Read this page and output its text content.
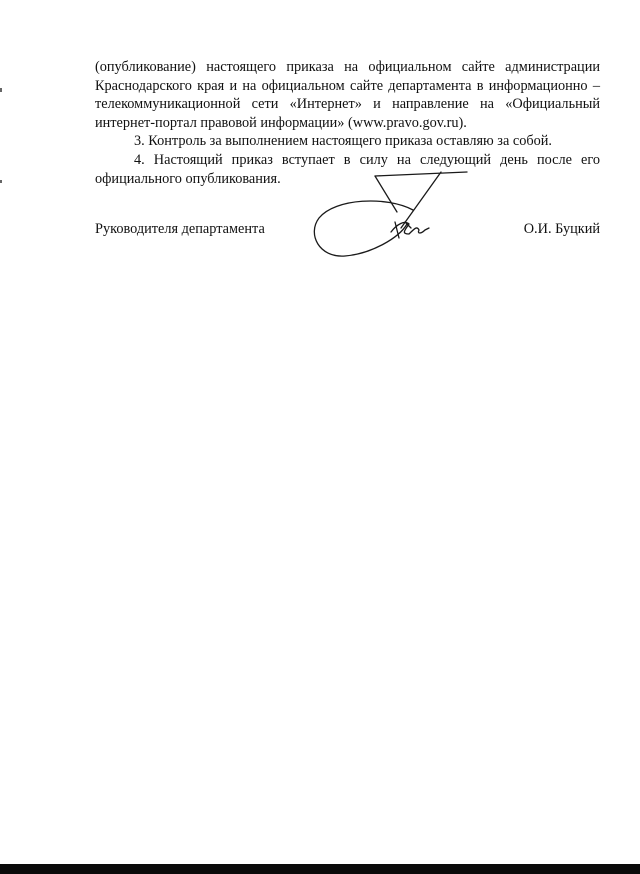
(опубликование) настоящего приказа на официальном сайте администрации Краснодарского края и на официальном сайте департамента в информационно – телекоммуникационной сети «Интернет» и направление на «Официальный интернет-портал правовой информации» (www.pravo.gov.ru).

3. Контроль за выполнением настоящего приказа оставляю за собой.

4. Настоящий приказ вступает в силу на следующий день после его официального опубликования.

Руководителя департамента	О.И. Буцкий
